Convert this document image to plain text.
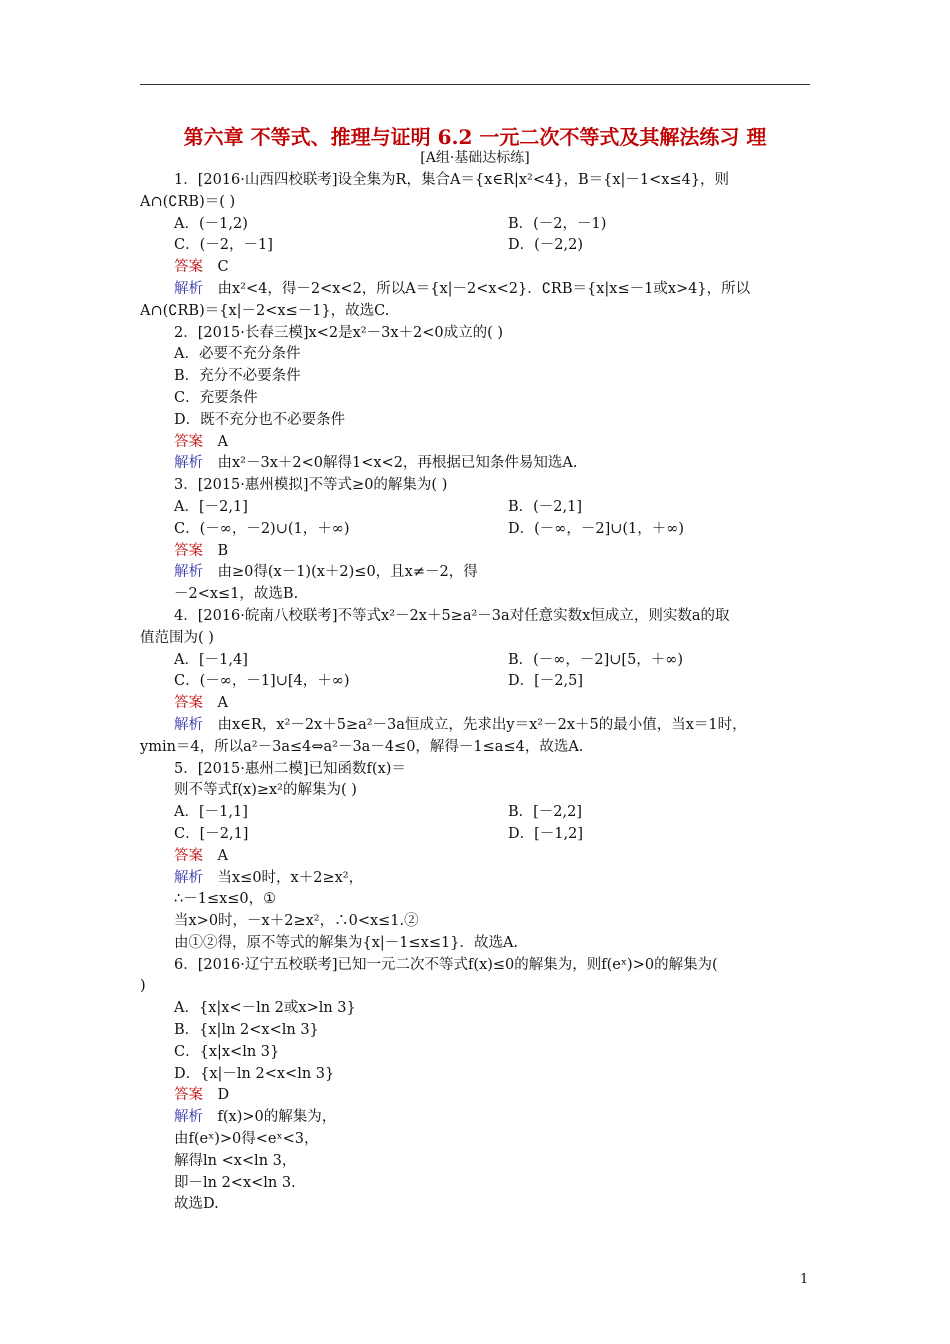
第六章 不等式、推理与证明 6.2 一元二次不等式及其解法练习 理
[A组·基础达标练]
1．[2016·山西四校联考]设全集为R，集合A＝{x∈R|x²<4}，B＝{x|－1<x≤4}，则
A∩(∁RB)＝( )
A．(－1,2)	B．(－2，－1)
C．(－2，－1]	D．(－2,2)
答案　 C
解析　 由x²<4，得－2<x<2，所以A＝{x|－2<x<2}．∁RB＝{x|x≤－1或x>4}，所以
A∩(∁RB)＝{x|－2<x≤－1}，故选C.
2．[2015·长春三模]x<2是x²－3x＋2<0成立的( )
A．必要不充分条件
B．充分不必要条件
C．充要条件
D．既不充分也不必要条件
答案　 A
解析　 由x²－3x＋2<0解得1<x<2，再根据已知条件易知选A.
3．[2015·惠州模拟]不等式≥0的解集为( )
A．[－2,1]	B．(－2,1]
C．(－∞，－2)∪(1，＋∞)	D．(－∞，－2]∪(1，＋∞)
答案　 B
解析　 由≥0得(x－1)(x＋2)≤0，且x≠－2，得
－2<x≤1，故选B.
4．[2016·皖南八校联考]不等式x²－2x＋5≥a²－3a对任意实数x恒成立，则实数a的取
值范围为( )
A．[－1,4]	B．(－∞，－2]∪[5，＋∞)
C．(－∞，－1]∪[4，＋∞)	D．[－2,5]
答案　 A
解析　 由x∈R，x²－2x＋5≥a²－3a恒成立，先求出y＝x²－2x＋5的最小值，当x＝1时，
ymin＝4，所以a²－3a≤4⇔a²－3a－4≤0，解得－1≤a≤4，故选A.
5．[2015·惠州二模]已知函数f(x)＝
则不等式f(x)≥x²的解集为( )
A．[－1,1]	B．[－2,2]
C．[－2,1]	D．[－1,2]
答案　 A
解析　 当x≤0时，x＋2≥x²，
∴－1≤x≤0，①
当x>0时，－x＋2≥x²，∴0<x≤1.②
由①②得，原不等式的解集为{x|－1≤x≤1}．故选A.
6．[2016·辽宁五校联考]已知一元二次不等式f(x)≤0的解集为，则f(eˣ)>0的解集为(
)
A．{x|x<－ln 2或x>ln 3}
B．{x|ln 2<x<ln 3}
C．{x|x<ln 3}
D．{x|－ln 2<x<ln 3}
答案　 D
解析　 f(x)>0的解集为，
由f(eˣ)>0得<eˣ<3，
解得ln <x<ln 3，
即－ln 2<x<ln 3.
故选D.
1
